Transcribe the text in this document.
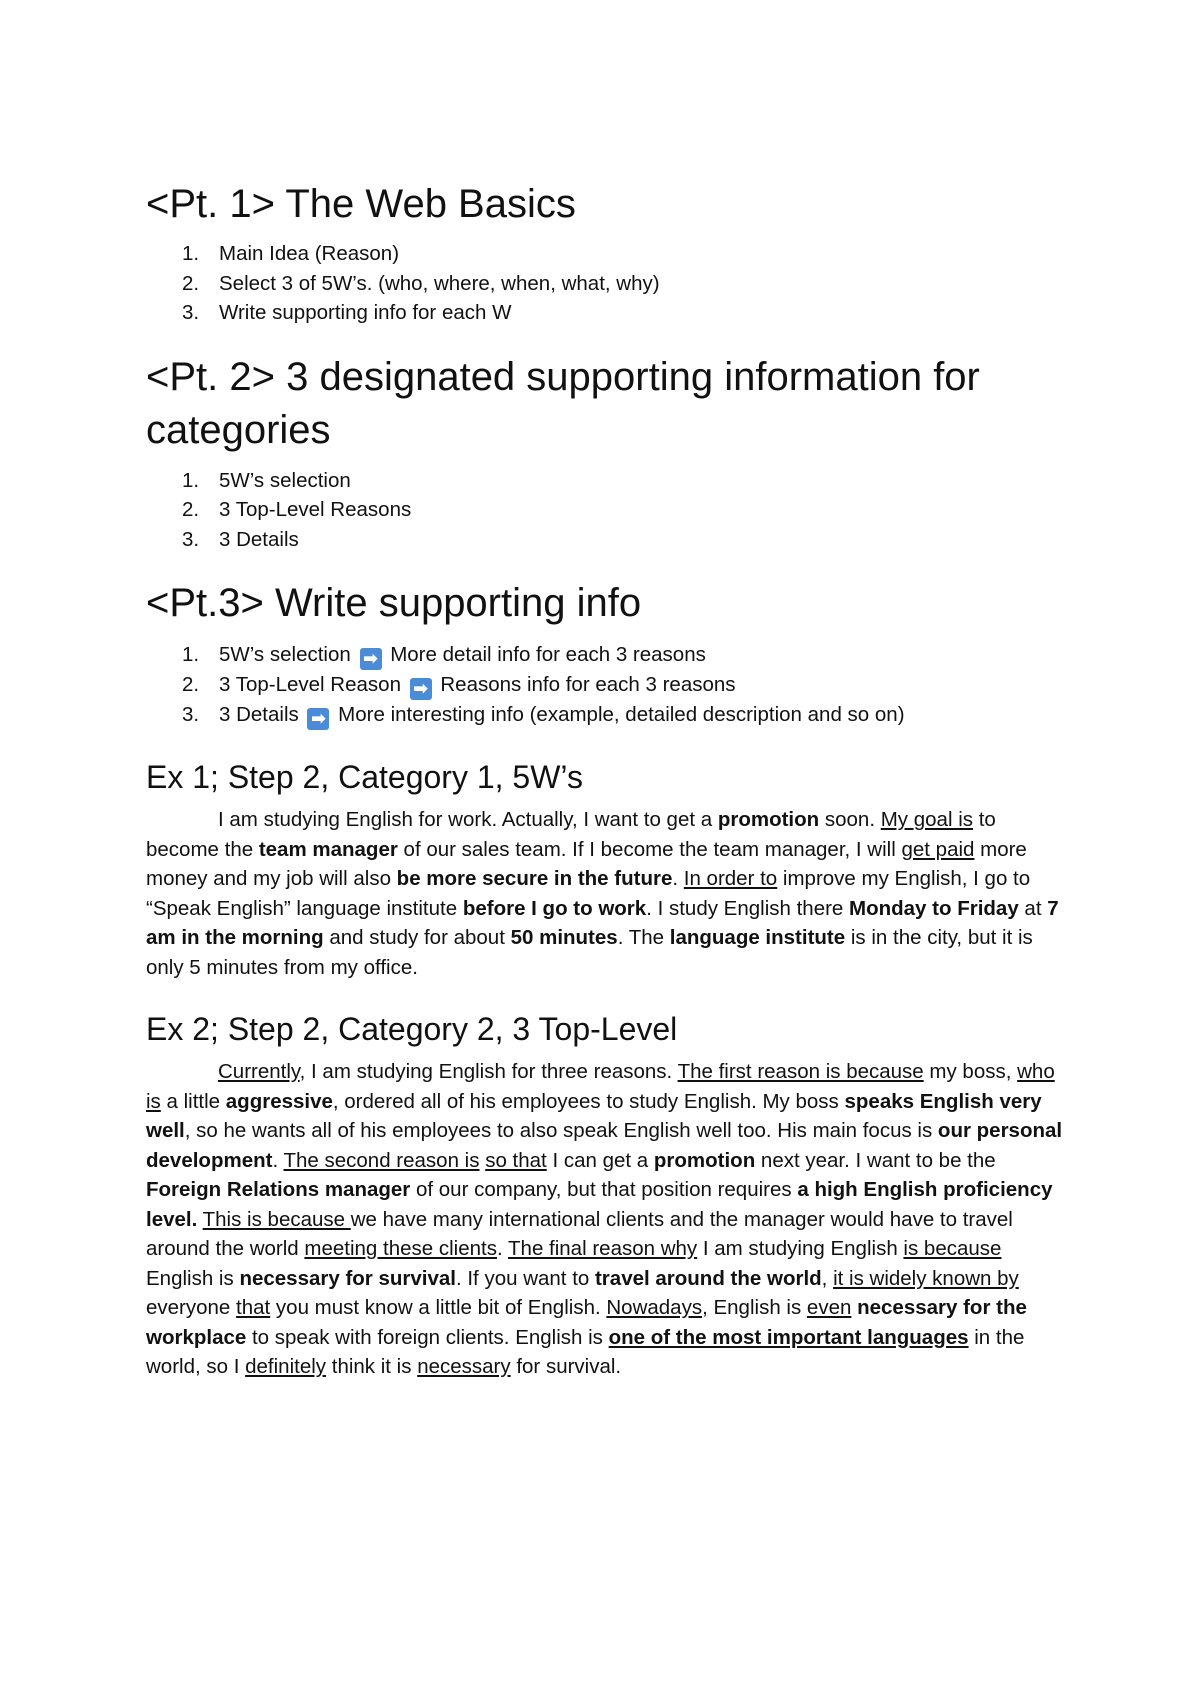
<Pt. 1> The Web Basics
1. Main Idea (Reason)
2. Select 3 of 5W’s. (who, where, when, what, why)
3. Write supporting info for each W
<Pt. 2> 3 designated supporting information for categories
1. 5W’s selection
2. 3 Top-Level Reasons
3. 3 Details
<Pt.3> Write supporting info
1. 5W’s selection ➡ More detail info for each 3 reasons
2. 3 Top-Level Reason ➡ Reasons info for each 3 reasons
3. 3 Details ➡ More interesting info (example, detailed description and so on)
Ex 1; Step 2, Category 1, 5W’s

I am studying English for work. Actually, I want to get a promotion soon. My goal is to become the team manager of our sales team. If I become the team manager, I will get paid more money and my job will also be more secure in the future. In order to improve my English, I go to “Speak English” language institute before I go to work. I study English there Monday to Friday at 7 am in the morning and study for about 50 minutes. The language institute is in the city, but it is only 5 minutes from my office.

Ex 2; Step 2, Category 2, 3 Top-Level

Currently, I am studying English for three reasons. The first reason is because my boss, who is a little aggressive, ordered all of his employees to study English. My boss speaks English very well, so he wants all of his employees to also speak English well too. His main focus is our personal development. The second reason is so that I can get a promotion next year. I want to be the Foreign Relations manager of our company, but that position requires a high English proficiency level. This is because we have many international clients and the manager would have to travel around the world meeting these clients. The final reason why I am studying English is because English is necessary for survival. If you want to travel around the world, it is widely known by everyone that you must know a little bit of English. Nowadays, English is even necessary for the workplace to speak with foreign clients. English is one of the most important languages in the world, so I definitely think it is necessary for survival.
